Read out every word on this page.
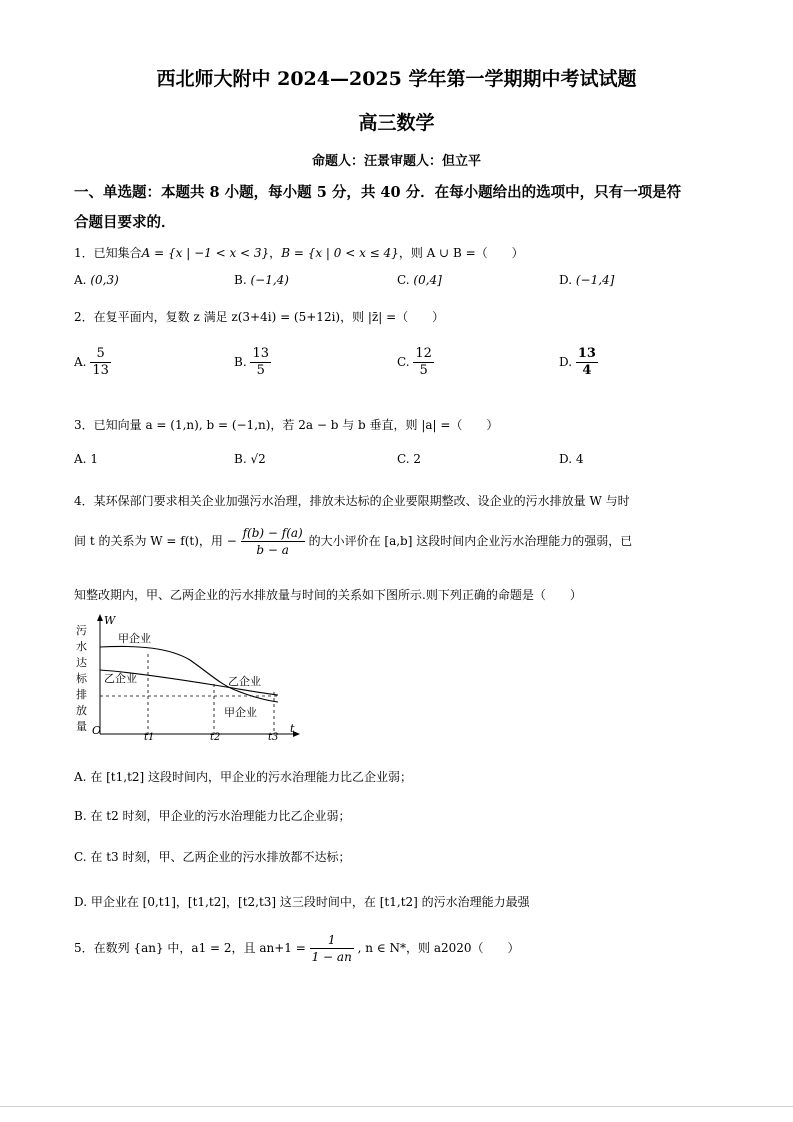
西北师大附中 2024—2025 学年第一学期期中考试试题
高三数学
命题人：汪景审题人：但立平
一、单选题：本题共 8 小题，每小题 5 分，共 40 分．在每小题给出的选项中，只有一项是符
合题目要求的．
1．已知集合A = {x | −1 < x < 3}，B = {x | 0 < x ≤ 4}，则 A ∪ B =（　　）
A. (0,3)	B. (−1,4)	C. (0,4]	D. (−1,4]
2．在复平面内，复数 z 满足 z(3+4i) = (5+12i)，则 |z̄| =（　　）
A. $\frac{5}{13}$	B. $\frac{13}{5}$	C. $\frac{12}{5}$	D. $\frac{13}{4}$
3．已知向量 a = (1,n), b = (−1,n)，若 2a − b 与 b 垂直，则 |a| =（　　）
A. 1	B. √2	C. 2	D. 4
4．某环保部门要求相关企业加强污水治理，排放未达标的企业要限期整改、设企业的污水排放量 W 与时
间 t 的关系为 W = f(t)，用 − $\frac{f(b) - f(a)}{b - a}$ 的大小评价在 [a,b] 这段时间内企业污水治理能力的强弱，已
知整改期内，甲、乙两企业的污水排放量与时间的关系如下图所示.则下列正确的命题是（　　）
W
t
O
污
水
达
标
排
放
量
甲企业
乙企业	乙企业
甲企业
t1	t2	t3
A. 在 [t1,t2] 这段时间内，甲企业的污水治理能力比乙企业弱；
B. 在 t2 时刻，甲企业的污水治理能力比乙企业弱；
C. 在 t3 时刻，甲、乙两企业的污水排放都不达标；
D. 甲企业在 [0,t1]，[t1,t2]，[t2,t3] 这三段时间中，在 [t1,t2] 的污水治理能力最强
5．在数列 {an} 中，a1 = 2，且 $an+1 = \frac{1}{1 - an}$ , n ∈ N*，则 a2020（　　）
